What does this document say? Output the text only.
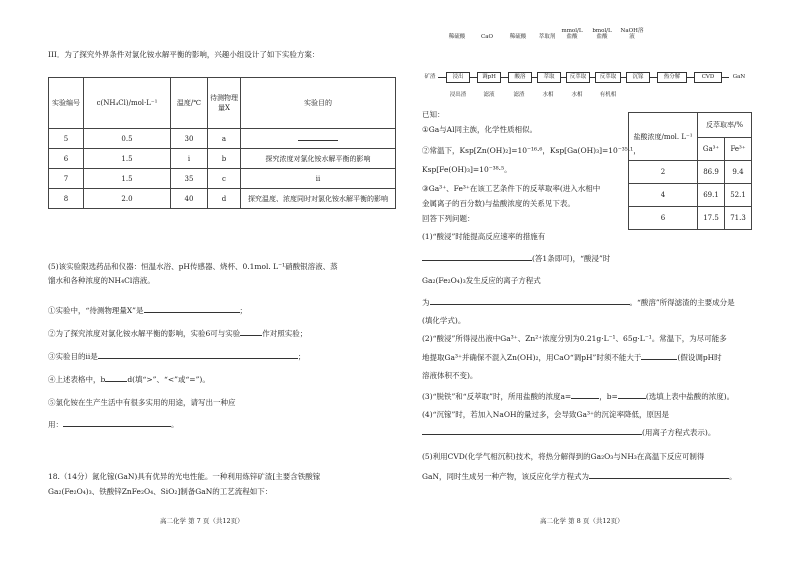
III．为了探究外界条件对氯化铵水解平衡的影响，兴趣小组设计了如下实验方案：
实验编号	c(NH₄Cl)/mol·L⁻¹	温度/℃	待测物理量X	实验目的
5	0.5	30	a	
6	1.5	i	b	探究浓度对氯化铵水解平衡的影响
7	1.5	35	c	ii
8	2.0	40	d	探究温度、浓度同时对氯化铵水解平衡的影响
(5)该实验限选药品和仪器：恒温水浴、pH传感器、烧杯、0.1mol. L⁻¹硝酸银溶液、蒸
馏水和各种浓度的NH₄Cl溶液。
①实验中，“待测物理量X”是	；
②为了探究浓度对氯化铵水解平衡的影响，实验6可与实验	作对照实验；
③实验目的ii是	；
④上述表格中，b	d(填“>”、“<”或“=”)。
⑤氯化铵在生产生活中有很多实用的用途，请写出一种应
用：	。
18.（14分）氮化镓(GaN)具有优异的光电性能。一种利用炼锌矿渣[主要含铁酸镓
Ga₂(Fe₂O₄)₃、铁酸锌ZnFe₂O₄、SiO₂]制备GaN的工艺流程如下：
高二化学 第 7 页（共12页）
稀硫酸	CaO	稀硫酸	萃取剂
mmol/L盐酸
bmol/L盐酸
NaOH溶液
矿渣	浸出	调pH	酸溶	萃取	反萃取	反萃取	沉镓	热分解	CVD	GaN
浸出渣	滤液	滤渣	水相	水相	有机相
已知：
①Ga与Al同主族，化学性质相似。
②常温下，Ksp[Zn(OH)₂]=10⁻¹⁶·⁶，Ksp[Ga(OH)₃]=10⁻³⁵·¹，
Ksp[Fe(OH)₃]=10⁻³⁸·⁵。
③Ga³⁺、Fe³⁺在该工艺条件下的反萃取率(进入水相中
金属离子的百分数)与盐酸浓度的关系见下表。
回答下列问题：
盐酸浓度/mol. L⁻¹	反萃取率/%	
	Ga³⁺	Fe³⁺
2	86.9	9.4
4	69.1	52.1
6	17.5	71.3
(1)“酸浸”时能提高反应速率的措施有
(答1条即可)，“酸浸”时
Ga₂(Fe₂O₄)₃发生反应的离子方程式
为	。“酸溶”所得滤渣的主要成分是
(填化学式)。
(2)“酸浸”所得浸出液中Ga³⁺、Zn²⁺浓度分别为0.21g·L⁻¹、65g·L⁻¹。常温下，为尽可能多
地提取Ga³⁺并确保不混入Zn(OH)₂，用CaO“调pH”时须不能大于	(假设调pH时
溶液体积不变)。
(3)“脱铁”和“反萃取”时，所用盐酸的浓度a=	，b=	(选填上表中盐酸的浓度)。
(4)“沉镓”时，若加入NaOH的量过多，会导致Ga³⁺的沉淀率降低，原因是
(用离子方程式表示)。
(5)利用CVD(化学气相沉积)技术，将热分解得到的Ga₂O₃与NH₃在高温下反应可制得
GaN，同时生成另一种产物，该反应化学方程式为	。
高二化学 第 8 页（共12页）
